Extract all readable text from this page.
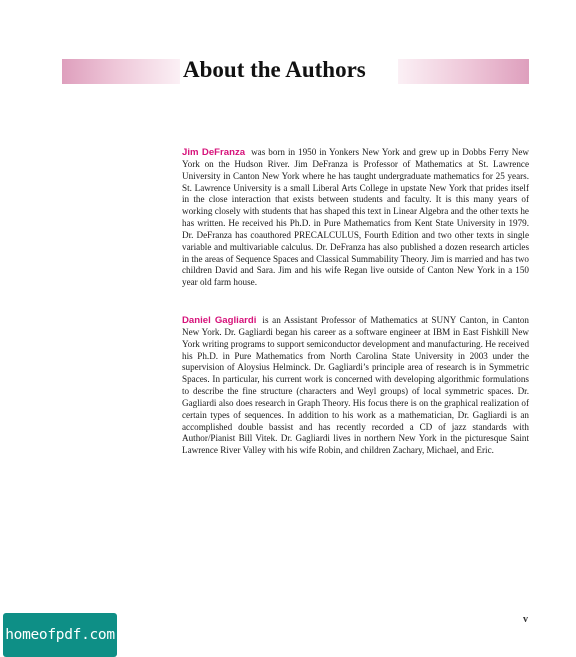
About the Authors

Jim DeFranza was born in 1950 in Yonkers New York and grew up in Dobbs Ferry New York on the Hudson River. Jim DeFranza is Professor of Mathematics at St. Lawrence University in Canton New York where he has taught undergraduate mathematics for 25 years. St. Lawrence University is a small Liberal Arts College in upstate New York that prides itself in the close interaction that exists between students and faculty. It is this many years of working closely with students that has shaped this text in Linear Algebra and the other texts he has written. He received his Ph.D. in Pure Mathematics from Kent State University in 1979. Dr. DeFranza has coauthored PRECALCULUS, Fourth Edition and two other texts in single variable and multivariable calculus. Dr. DeFranza has also published a dozen research articles in the areas of Sequence Spaces and Classical Summability Theory. Jim is married and has two children David and Sara. Jim and his wife Regan live outside of Canton New York in a 150 year old farm house.

Daniel Gagliardi is an Assistant Professor of Mathematics at SUNY Canton, in Canton New York. Dr. Gagliardi began his career as a software engineer at IBM in East Fishkill New York writing programs to support semiconductor development and manufacturing. He received his Ph.D. in Pure Mathematics from North Carolina State University in 2003 under the supervision of Aloysius Helminck. Dr. Gagliardi’s principle area of research is in Symmetric Spaces. In particular, his current work is concerned with developing algorithmic formulations to describe the fine structure (characters and Weyl groups) of local symmetric spaces. Dr. Gagliardi also does research in Graph Theory. His focus there is on the graphical realization of certain types of sequences. In addition to his work as a mathematician, Dr. Gagliardi is an accomplished double bassist and has recently recorded a CD of jazz standards with Author/Pianist Bill Vitek. Dr. Gagliardi lives in northern New York in the picturesque Saint Lawrence River Valley with his wife Robin, and children Zachary, Michael, and Eric.

v
homeofpdf.com
